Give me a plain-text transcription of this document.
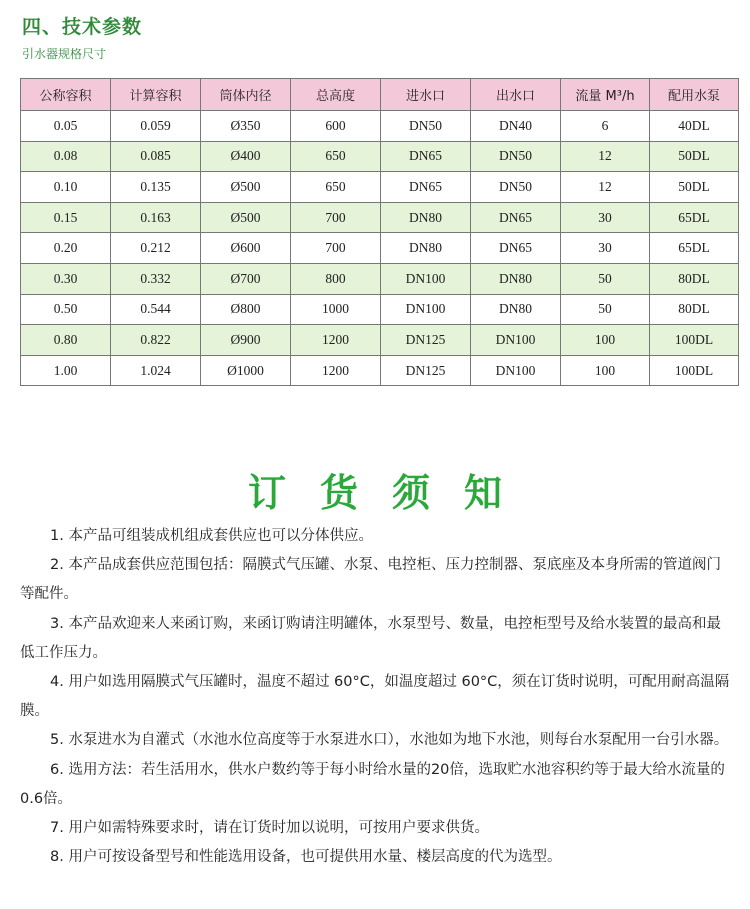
四、技术参数
引水器规格尺寸
公称容积	计算容积	筒体内径	总高度	进水口	出水口	流量 M³/h	配用水泵
0.05	0.059	Ø350	600	DN50	DN40	6	40DL
0.08	0.085	Ø400	650	DN65	DN50	12	50DL
0.10	0.135	Ø500	650	DN65	DN50	12	50DL
0.15	0.163	Ø500	700	DN80	DN65	30	65DL
0.20	0.212	Ø600	700	DN80	DN65	30	65DL
0.30	0.332	Ø700	800	DN100	DN80	50	80DL
0.50	0.544	Ø800	1000	DN100	DN80	50	80DL
0.80	0.822	Ø900	1200	DN125	DN100	100	100DL
1.00	1.024	Ø1000	1200	DN125	DN100	100	100DL
订货须知
1. 本产品可组装成机组成套供应也可以分体供应。
2. 本产品成套供应范围包括：隔膜式气压罐、水泵、电控柜、压力控制器、泵底座及本身所需的管道阀门等配件。
3. 本产品欢迎来人来函订购，来函订购请注明罐体，水泵型号、数量，电控柜型号及给水装置的最高和最低工作压力。
4. 用户如选用隔膜式气压罐时，温度不超过 60°C，如温度超过 60°C，须在订货时说明，可配用耐高温隔膜。
5. 水泵进水为自灌式（水池水位高度等于水泵进水口），水池如为地下水池，则每台水泵配用一台引水器。
6. 选用方法：若生活用水，供水户数约等于每小时给水量的20倍，选取贮水池容积约等于最大给水流量的0.6倍。
7. 用户如需特殊要求时，请在订货时加以说明，可按用户要求供货。
8. 用户可按设备型号和性能选用设备，也可提供用水量、楼层高度的代为选型。
